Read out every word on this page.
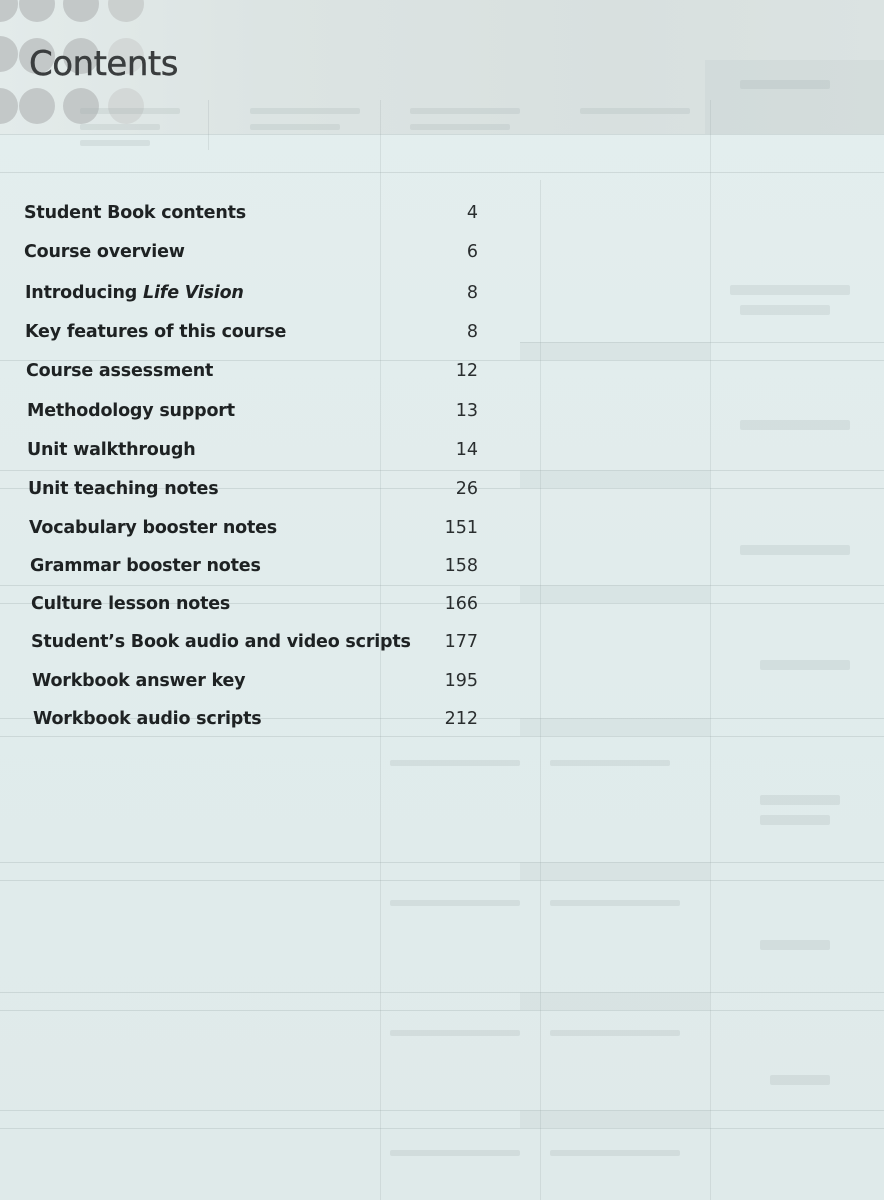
Contents
Student Book contents	4
Course overview	6
Introducing Life Vision	8
Key features of this course	8
Course assessment	12
Methodology support	13
Unit walkthrough	14
Unit teaching notes	26
Vocabulary booster notes	151
Grammar booster notes	158
Culture lesson notes	166
Student’s Book audio and video scripts 177
Workbook answer key	195
Workbook audio scripts	212
